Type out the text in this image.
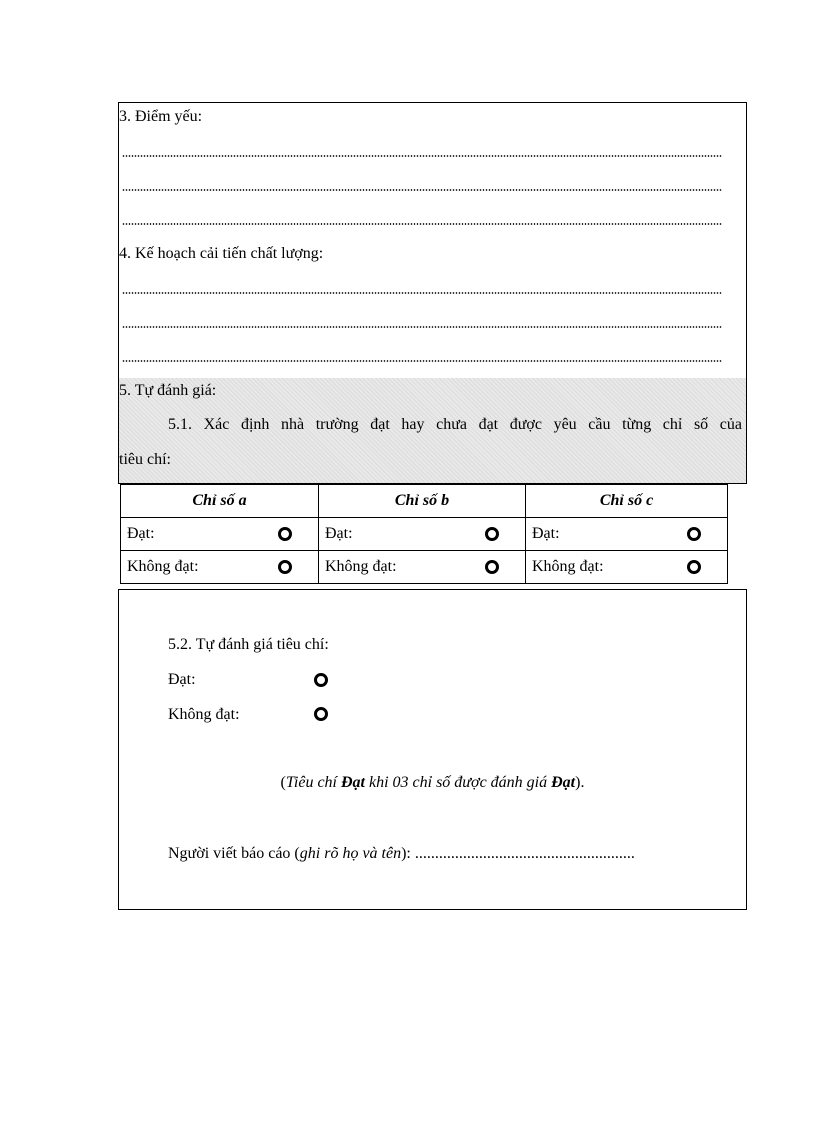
3. Điểm yếu:
4. Kế hoạch cải tiến chất lượng:
5. Tự đánh giá:
5.1. Xác định nhà trường đạt hay chưa đạt được yêu cầu từng chỉ số của
tiêu chí:
Chỉ số a	Chỉ số b	Chỉ số c

Đạt:	Đạt:	Đạt:

Không đạt:	Không đạt:	Không đạt:
5.2. Tự đánh giá tiêu chí:
Đạt:
Không đạt:
(Tiêu chí Đạt khi 03 chỉ số được đánh giá Đạt).
Người viết báo cáo (ghi rõ họ và tên): .......................................................
